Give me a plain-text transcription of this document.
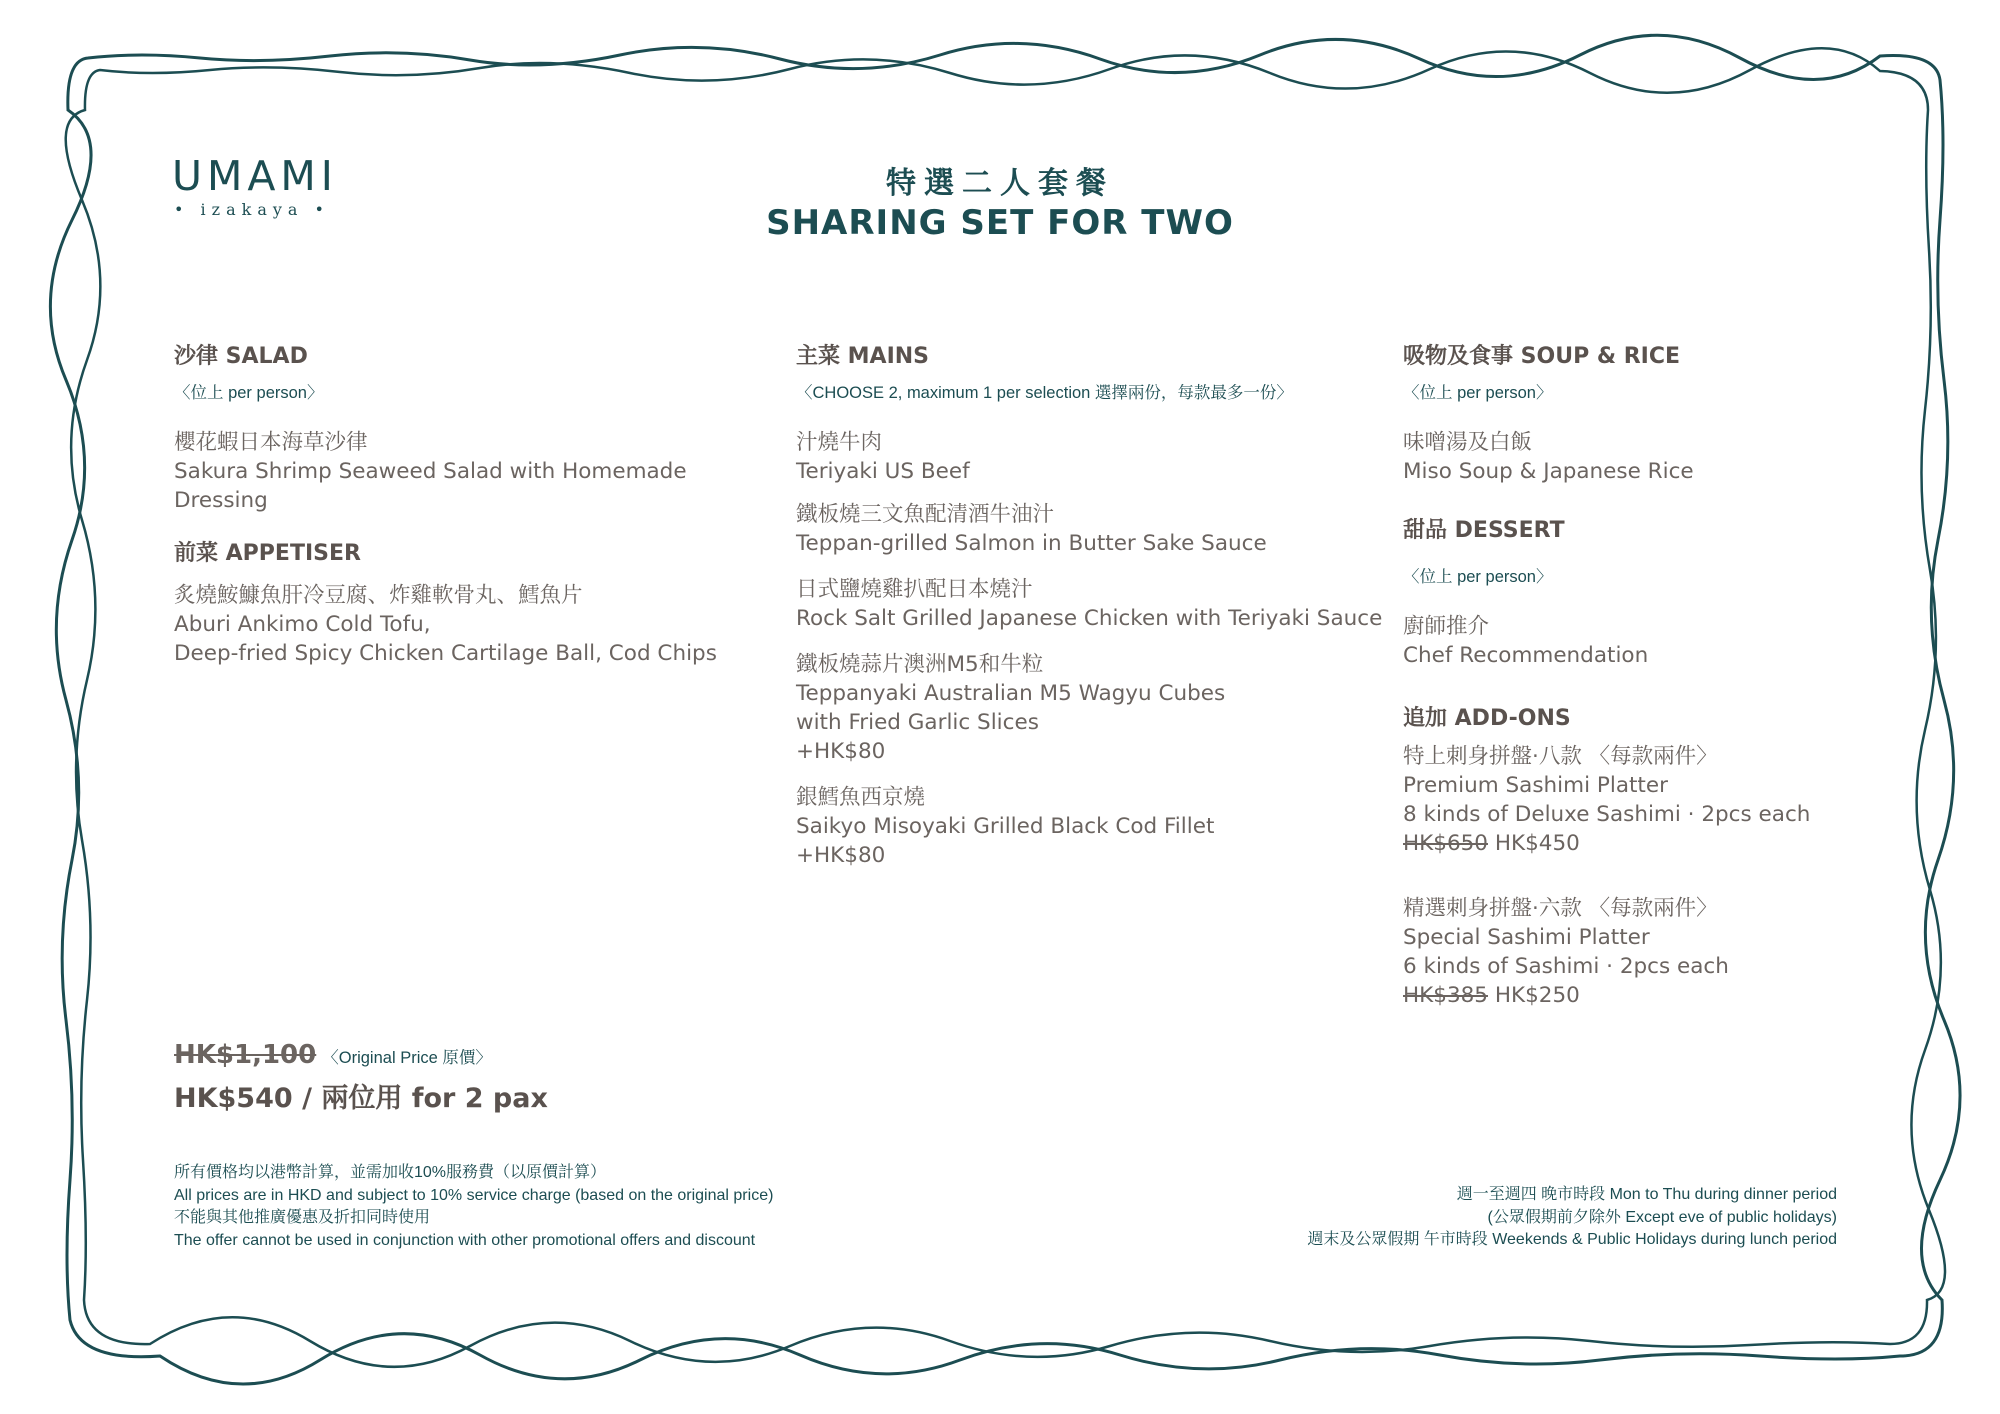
UMAMI
• izakaya •
特選二人套餐
SHARING SET FOR TWO
沙律 SALAD
〈位上 per person〉
櫻花蝦日本海草沙律
Sakura Shrimp Seaweed Salad with Homemade Dressing
前菜 APPETISER
炙燒鮟鱇魚肝冷豆腐、炸雞軟骨丸、鱈魚片
Aburi Ankimo Cold Tofu,
Deep-fried Spicy Chicken Cartilage Ball, Cod Chips
主菜 MAINS
〈CHOOSE 2, maximum 1 per selection 選擇兩份，每款最多一份〉
汁燒牛肉
Teriyaki US Beef
鐵板燒三文魚配清酒牛油汁
Teppan-grilled Salmon in Butter Sake Sauce
日式鹽燒雞扒配日本燒汁
Rock Salt Grilled Japanese Chicken with Teriyaki Sauce
鐵板燒蒜片澳洲M5和牛粒
Teppanyaki Australian M5 Wagyu Cubes
with Fried Garlic Slices
+HK$80
銀鱈魚西京燒
Saikyo Misoyaki Grilled Black Cod Fillet
+HK$80
吸物及食事 SOUP & RICE
〈位上 per person〉
味噌湯及白飯
Miso Soup & Japanese Rice
甜品 DESSERT
〈位上 per person〉
廚師推介
Chef Recommendation
追加 ADD-ONS
特上刺身拼盤·八款 〈每款兩件〉
Premium Sashimi Platter
8 kinds of Deluxe Sashimi · 2pcs each
HK$650 HK$450
精選刺身拼盤·六款 〈每款兩件〉
Special Sashimi Platter
6 kinds of Sashimi · 2pcs each
HK$385 HK$250
HK$1,100 〈Original Price 原價〉
HK$540 / 兩位用 for 2 pax
所有價格均以港幣計算，並需加收10%服務費（以原價計算）
All prices are in HKD and subject to 10% service charge (based on the original price)
不能與其他推廣優惠及折扣同時使用
The offer cannot be used in conjunction with other promotional offers and discount
週一至週四 晚市時段 Mon to Thu during dinner period
(公眾假期前夕除外 Except eve of public holidays)
週末及公眾假期 午市時段 Weekends & Public Holidays during lunch period
